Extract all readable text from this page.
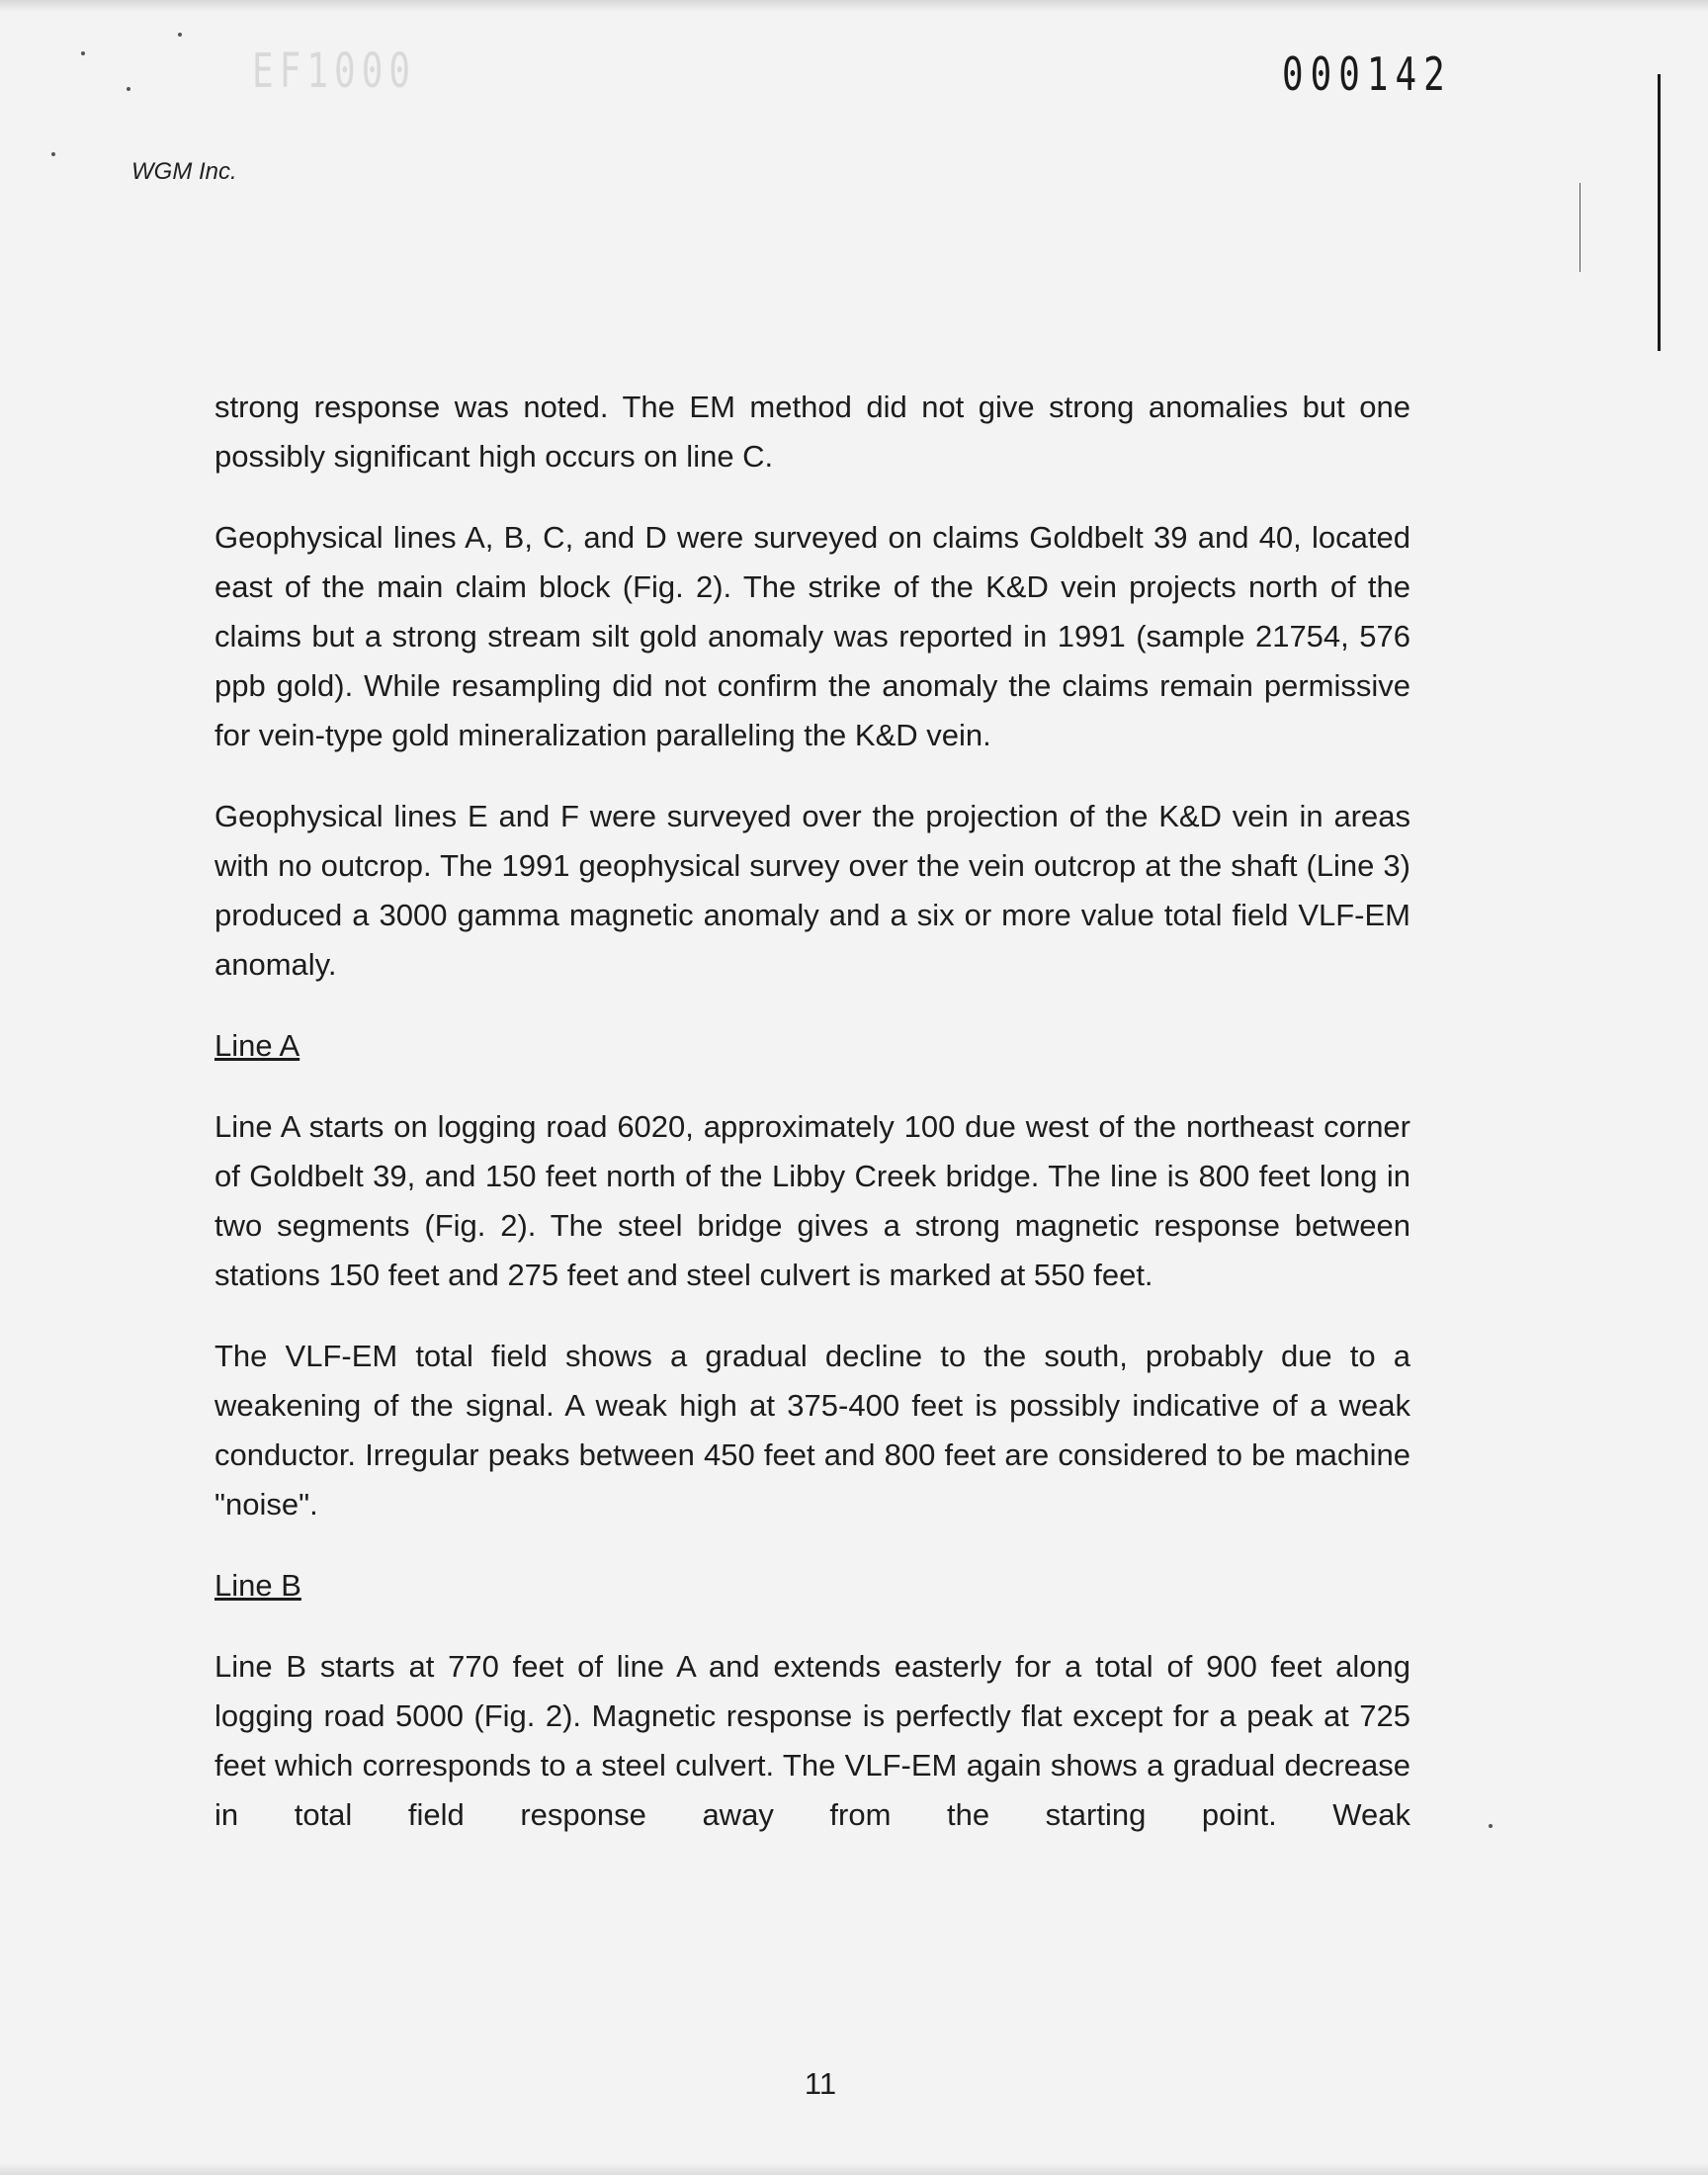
EF1000	000142
WGM Inc.

strong response was noted. The EM method did not give strong anomalies but one possibly significant high occurs on line C.

Geophysical lines A, B, C, and D were surveyed on claims Goldbelt 39 and 40, located east of the main claim block (Fig. 2). The strike of the K&D vein projects north of the claims but a strong stream silt gold anomaly was reported in 1991 (sample 21754, 576 ppb gold). While resampling did not confirm the anomaly the claims remain permissive for vein-type gold mineralization paralleling the K&D vein.

Geophysical lines E and F were surveyed over the projection of the K&D vein in areas with no outcrop. The 1991 geophysical survey over the vein outcrop at the shaft (Line 3) produced a 3000 gamma magnetic anomaly and a six or more value total field VLF-EM anomaly.

Line A

Line A starts on logging road 6020, approximately 100 due west of the northeast corner of Goldbelt 39, and 150 feet north of the Libby Creek bridge. The line is 800 feet long in two segments (Fig. 2). The steel bridge gives a strong magnetic response between stations 150 feet and 275 feet and steel culvert is marked at 550 feet.

The VLF-EM total field shows a gradual decline to the south, probably due to a weakening of the signal. A weak high at 375-400 feet is possibly indicative of a weak conductor. Irregular peaks between 450 feet and 800 feet are considered to be machine "noise".

Line B

Line B starts at 770 feet of line A and extends easterly for a total of 900 feet along logging road 5000 (Fig. 2). Magnetic response is perfectly flat except for a peak at 725 feet which corresponds to a steel culvert. The VLF-EM again shows a gradual decrease in total field response away from the starting point. Weak

11
